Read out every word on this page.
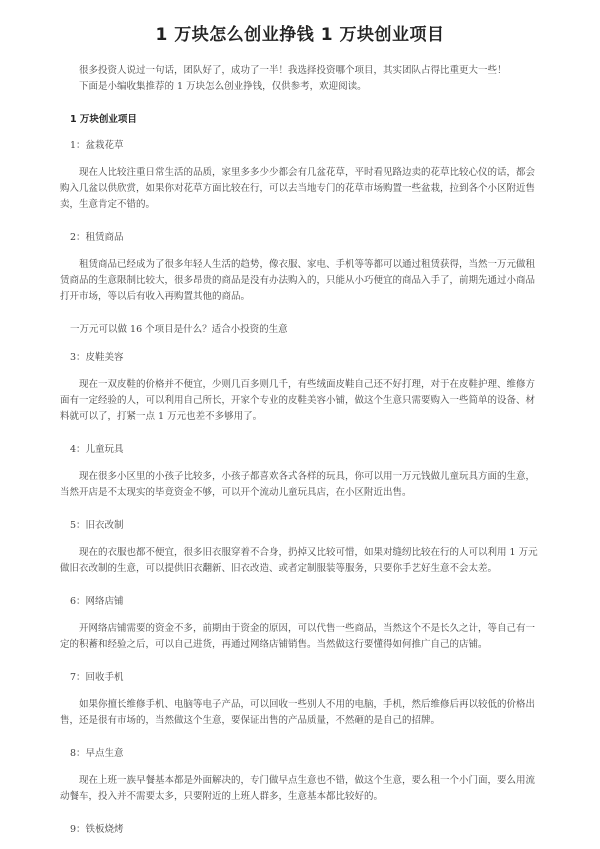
1 万块怎么创业挣钱 1 万块创业项目

很多投资人说过一句话，团队好了，成功了一半！我选择投资哪个项目，其实团队占得比重更大一些！

下面是小编收集推荐的 1 万块怎么创业挣钱，仅供参考，欢迎阅读。

1 万块创业项目
1：盆栽花草

现在人比较注重日常生活的品质，家里多多少少都会有几盆花草，平时看见路边卖的花草比较心仪的话，都会购入几盆以供欣赏，如果你对花草方面比较在行，可以去当地专门的花草市场购置一些盆栽，拉到各个小区附近售卖，生意肯定不错的。

2：租赁商品

租赁商品已经成为了很多年轻人生活的趋势，像衣服、家电、手机等等都可以通过租赁获得，当然一万元做租赁商品的生意限制比较大，很多昂贵的商品是没有办法购入的，只能从小巧便宜的商品入手了，前期先通过小商品打开市场，等以后有收入再购置其他的商品。

一万元可以做 16 个项目是什么？适合小投资的生意
3：皮鞋美容

现在一双皮鞋的价格并不便宜，少则几百多则几千，有些绒面皮鞋自己还不好打理，对于在皮鞋护理、维修方面有一定经验的人，可以利用自己所长，开家个专业的皮鞋美容小铺，做这个生意只需要购入一些简单的设备、材料就可以了，打紧一点 1 万元也差不多够用了。

4：儿童玩具

现在很多小区里的小孩子比较多，小孩子都喜欢各式各样的玩具，你可以用一万元钱做儿童玩具方面的生意，当然开店是不太现实的毕竟资金不够，可以开个流动儿童玩具店，在小区附近出售。

5：旧衣改制

现在的衣服也都不便宜，很多旧衣服穿着不合身，扔掉又比较可惜，如果对缝纫比较在行的人可以利用 1 万元做旧衣改制的生意，可以提供旧衣翻新、旧衣改造、或者定制服装等服务，只要你手艺好生意不会太差。

6：网络店铺

开网络店铺需要的资金不多，前期由于资金的原因，可以代售一些商品，当然这个不是长久之计，等自己有一定的积蓄和经验之后，可以自己进货，再通过网络店铺销售。当然做这行要懂得如何推广自己的店铺。

7：回收手机

如果你擅长维修手机、电脑等电子产品，可以回收一些别人不用的电脑，手机，然后维修后再以较低的价格出售，还是很有市场的，当然做这个生意，要保证出售的产品质量，不然砸的是自己的招牌。

8：早点生意

现在上班一族早餐基本都是外面解决的，专门做早点生意也不错，做这个生意，要么租一个小门面，要么用流动餐车，投入并不需要太多，只要附近的上班人群多，生意基本都比较好的。

9：铁板烧烤
